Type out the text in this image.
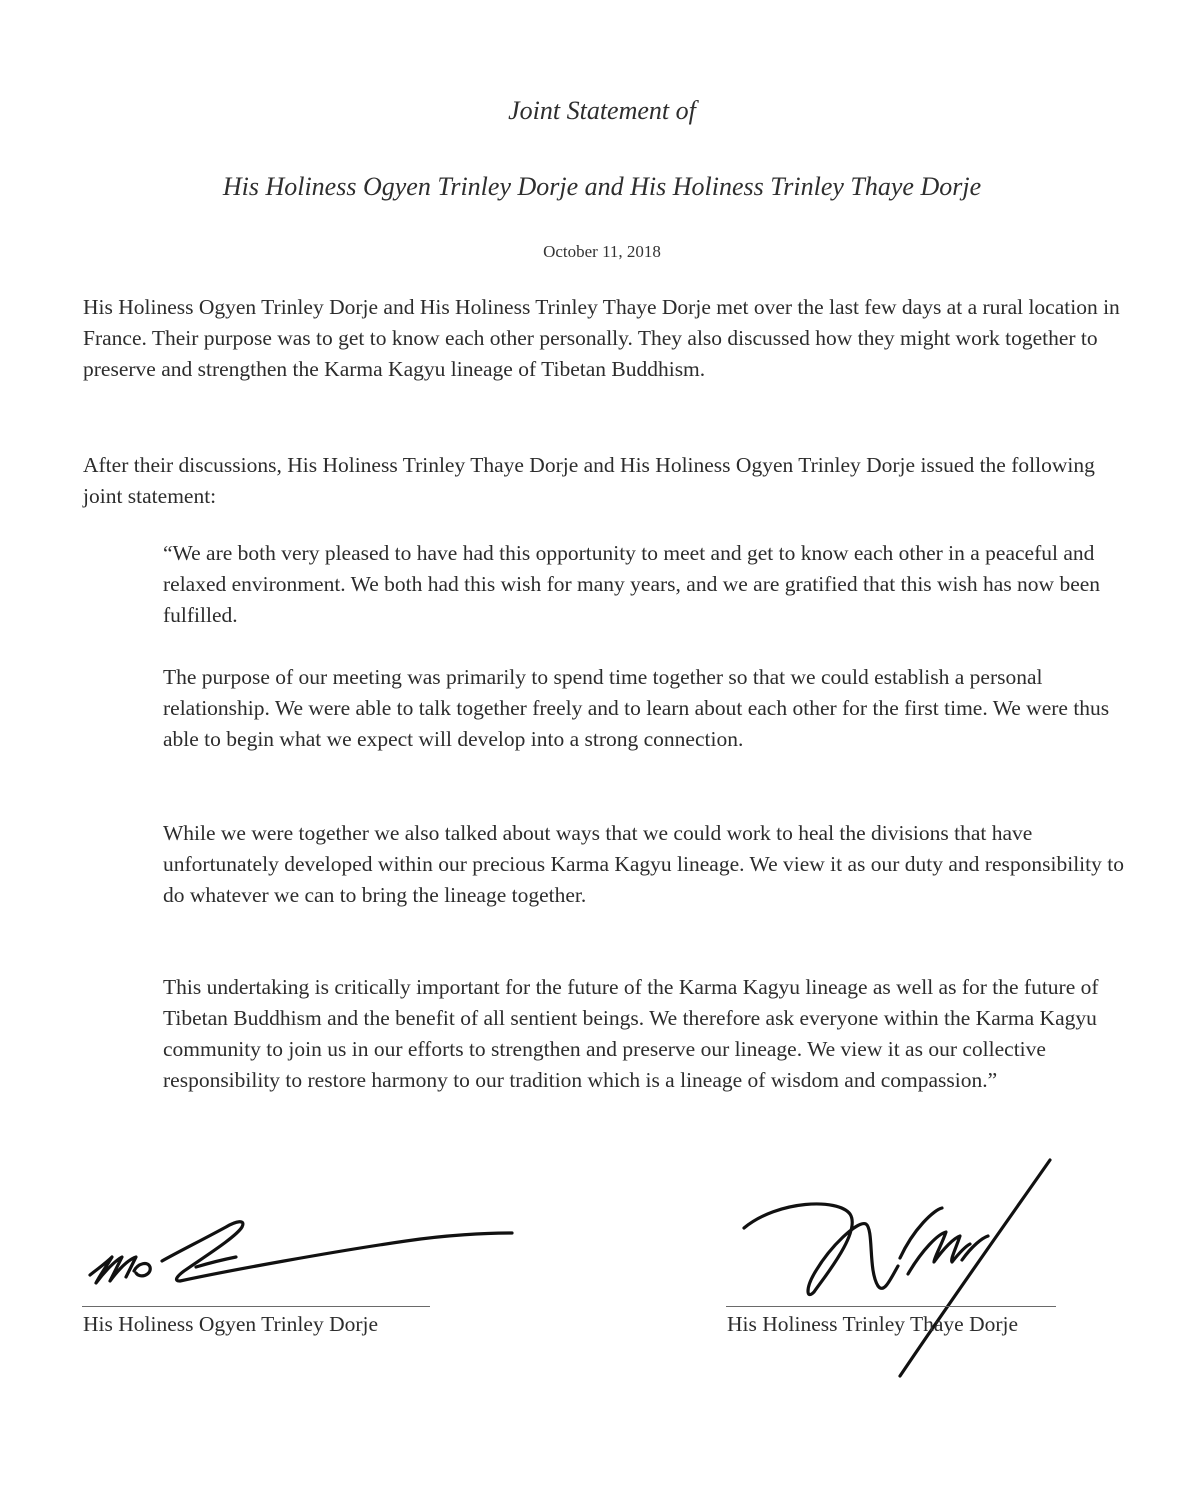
Joint Statement of

His Holiness Ogyen Trinley Dorje and His Holiness Trinley Thaye Dorje

October 11, 2018

His Holiness Ogyen Trinley Dorje and His Holiness Trinley Thaye Dorje met over the last few days at a rural location in France. Their purpose was to get to know each other personally. They also discussed how they might work together to preserve and strengthen the Karma Kagyu lineage of Tibetan Buddhism.

After their discussions, His Holiness Trinley Thaye Dorje and His Holiness Ogyen Trinley Dorje issued the following joint statement:

“We are both very pleased to have had this opportunity to meet and get to know each other in a peaceful and relaxed environment. We both had this wish for many years, and we are gratified that this wish has now been fulfilled.

The purpose of our meeting was primarily to spend time together so that we could establish a personal relationship. We were able to talk together freely and to learn about each other for the first time. We were thus able to begin what we expect will develop into a strong connection.

While we were together we also talked about ways that we could work to heal the divisions that have unfortunately developed within our precious Karma Kagyu lineage. We view it as our duty and responsibility to do whatever we can to bring the lineage together.

This undertaking is critically important for the future of the Karma Kagyu lineage as well as for the future of Tibetan Buddhism and the benefit of all sentient beings. We therefore ask everyone within the Karma Kagyu community to join us in our efforts to strengthen and preserve our lineage. We view it as our collective responsibility to restore harmony to our tradition which is a lineage of wisdom and compassion.”

His Holiness Ogyen Trinley Dorje	His Holiness Trinley Thaye Dorje
